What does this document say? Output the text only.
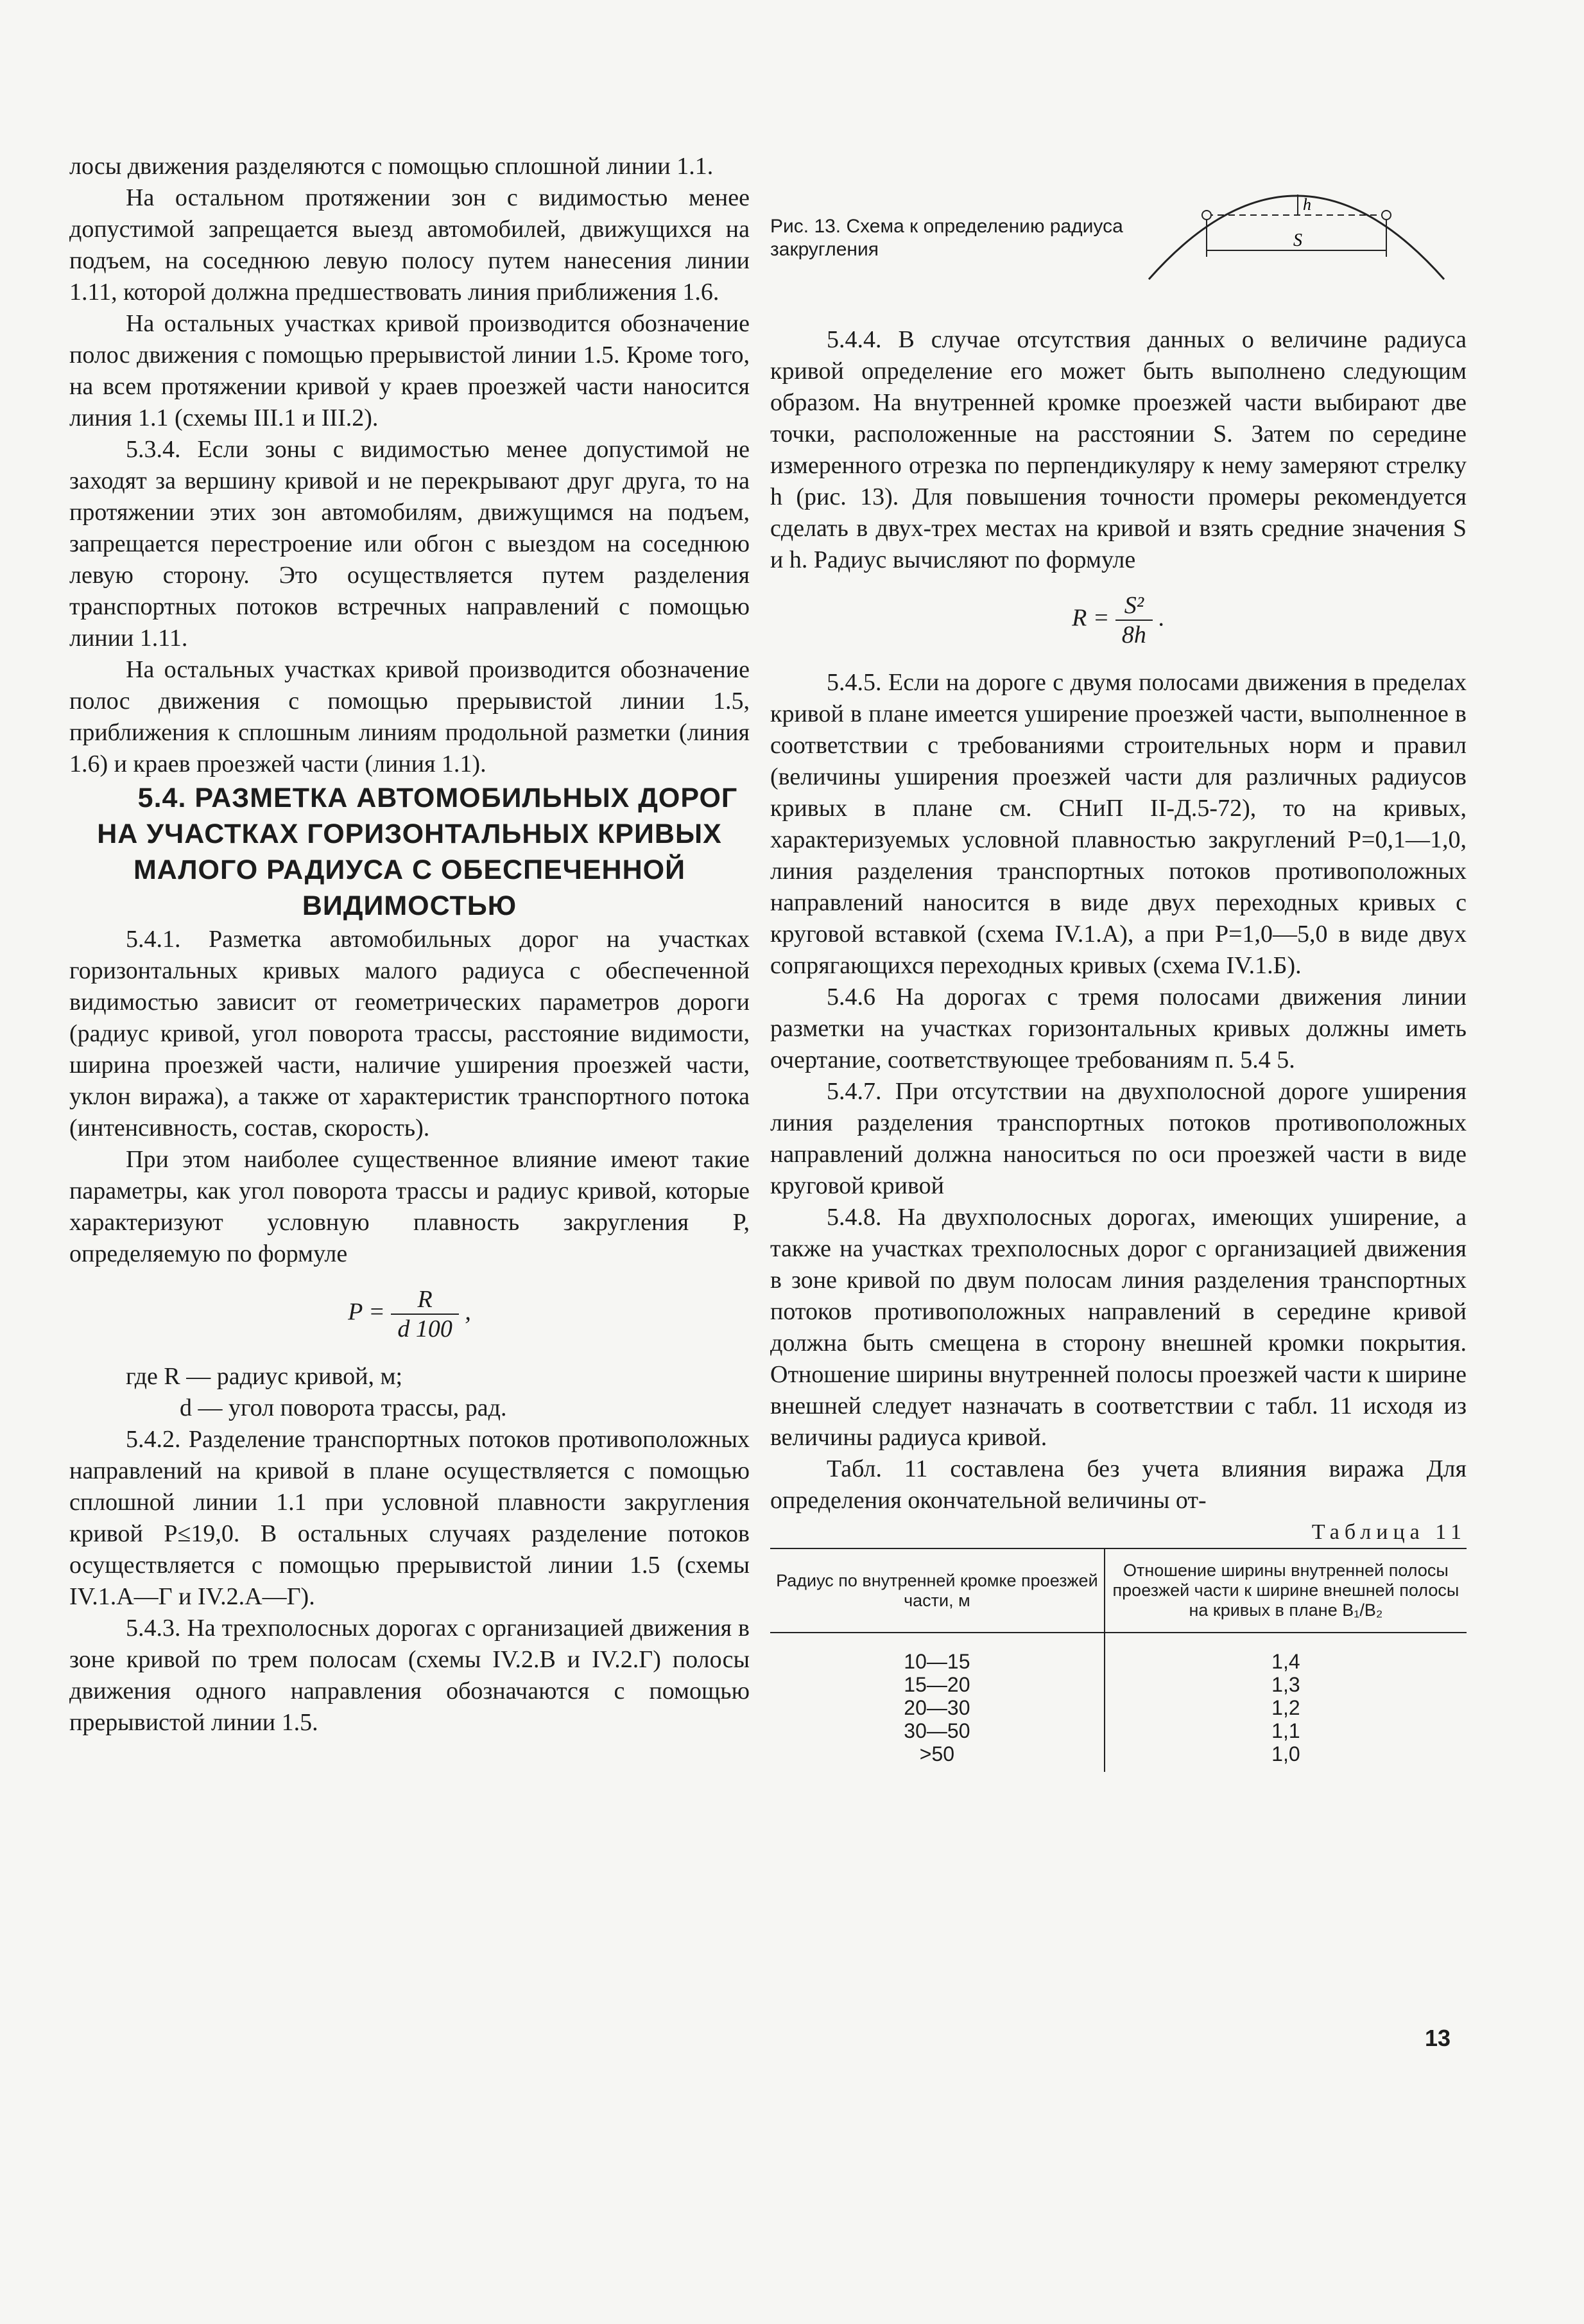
лосы движения разделяются с помощью сплошной линии 1.1.

На остальном протяжении зон с видимостью менее допустимой запрещается выезд автомобилей, движущихся на подъем, на соседнюю левую полосу путем нанесения линии 1.11, которой должна предшествовать линия приближения 1.6.

На остальных участках кривой производится обозначение полос движения с помощью прерывистой линии 1.5. Кроме того, на всем протяжении кривой у краев проезжей части наносится линия 1.1 (схемы III.1 и III.2).

5.3.4. Если зоны с видимостью менее допустимой не заходят за вершину кривой и не перекрывают друг друга, то на протяжении этих зон автомобилям, движущимся на подъем, запрещается перестроение или обгон с выездом на соседнюю левую сторону. Это осуществляется путем разделения транспортных потоков встречных направлений с помощью линии 1.11.

На остальных участках кривой производится обозначение полос движения с помощью прерывистой линии 1.5, приближения к сплошным линиям продольной разметки (линия 1.6) и краев проезжей части (линия 1.1).

5.4. РАЗМЕТКА АВТОМОБИЛЬНЫХ ДОРОГ НА УЧАСТКАХ ГОРИЗОНТАЛЬНЫХ КРИВЫХ МАЛОГО РАДИУСА С ОБЕСПЕЧЕННОЙ ВИДИМОСТЬЮ

5.4.1. Разметка автомобильных дорог на участках горизонтальных кривых малого радиуса с обеспеченной видимостью зависит от геометрических параметров дороги (радиус кривой, угол поворота трассы, расстояние видимости, ширина проезжей части, наличие уширения проезжей части, уклон виража), а также от характеристик транспортного потока (интенсивность, состав, скорость).

При этом наиболее существенное влияние имеют такие параметры, как угол поворота трассы и радиус кривой, которые характеризуют условную плавность закругления P, определяемую по формуле

$P = \frac{R}{d 100}$ ,

где R — радиус кривой, м;
d — угол поворота трассы, рад.

5.4.2. Разделение транспортных потоков противоположных направлений на кривой в плане осуществляется с помощью сплошной линии 1.1 при условной плавности закругления кривой P≤19,0. В остальных случаях разделение потоков осуществляется с помощью прерывистой линии 1.5 (схемы IV.1.А—Г и IV.2.А—Г).

5.4.3. На трехполосных дорогах с организацией движения в зоне кривой по трем полосам (схемы IV.2.В и IV.2.Г) полосы движения одного направления обозначаются с помощью прерывистой линии 1.5.

Рис. 13. Схема к определению радиуса закругления
h
S

5.4.4. В случае отсутствия данных о величине радиуса кривой определение его может быть выполнено следующим образом. На внутренней кромке проезжей части выбирают две точки, расположенные на расстоянии S. Затем по середине измеренного отрезка по перпендикуляру к нему замеряют стрелку h (рис. 13). Для повышения точности промеры рекомендуется сделать в двух-трех местах на кривой и взять средние значения S и h. Радиус вычисляют по формуле

$R = \frac{\text{S²}}{8h}$ .

5.4.5. Если на дороге с двумя полосами движения в пределах кривой в плане имеется уширение проезжей части, выполненное в соответствии с требованиями строительных норм и правил (величины уширения проезжей части для различных радиусов кривых в плане см. СНиП II-Д.5-72), то на кривых, характеризуемых условной плавностью закруглений P=0,1—1,0, линия разделения транспортных потоков противоположных направлений наносится в виде двух переходных кривых с круговой вставкой (схема IV.1.А), а при P=1,0—5,0 в виде двух сопрягающихся переходных кривых (схема IV.1.Б).

5.4.6 На дорогах с тремя полосами движения линии разметки на участках горизонтальных кривых должны иметь очертание, соответствующее требованиям п. 5.4 5.

5.4.7. При отсутствии на двухполосной дороге уширения линия разделения транспортных потоков противоположных направлений должна наноситься по оси проезжей части в виде круговой кривой

5.4.8. На двухполосных дорогах, имеющих уширение, а также на участках трехполосных дорог с организацией движения в зоне кривой по двум полосам линия разделения транспортных потоков противоположных направлений в середине кривой должна быть смещена в сторону внешней кромки покрытия. Отношение ширины внутренней полосы проезжей части к ширине внешней следует назначать в соответствии с табл. 11 исходя из величины радиуса кривой.

Табл. 11 составлена без учета влияния виража Для определения окончательной величины от-

Таблица 11

Радиус по внутренней кромке проезжей части, м	Отношение ширины внутренней полосы проезжей части к ширине внешней полосы на кривых в плане B₁/B₂
10—15	1,4
15—20	1,3
20—30	1,2
30—50	1,1
>50	1,0
13
